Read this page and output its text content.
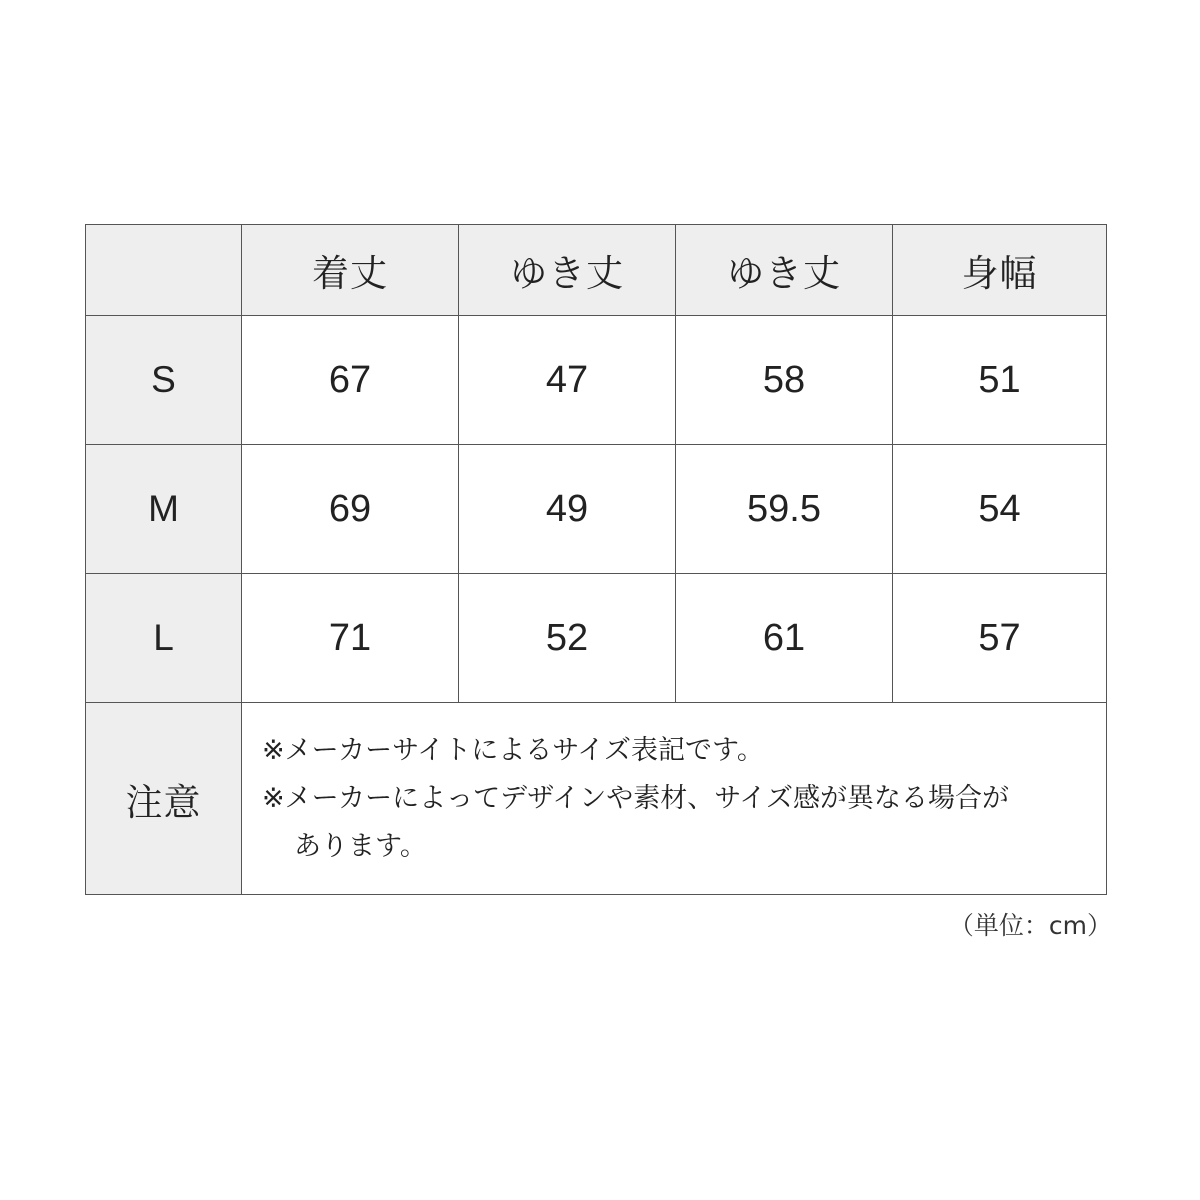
	着丈	ゆき丈	ゆき丈	身幅
S	67	47	58	51
M	69	49	59.5	54
L	71	52	61	57
注意	※メーカーサイトによるサイズ表記です。
※メーカーによってデザインや素材、サイズ感が異なる場合が
あります。			
（単位：cm）
